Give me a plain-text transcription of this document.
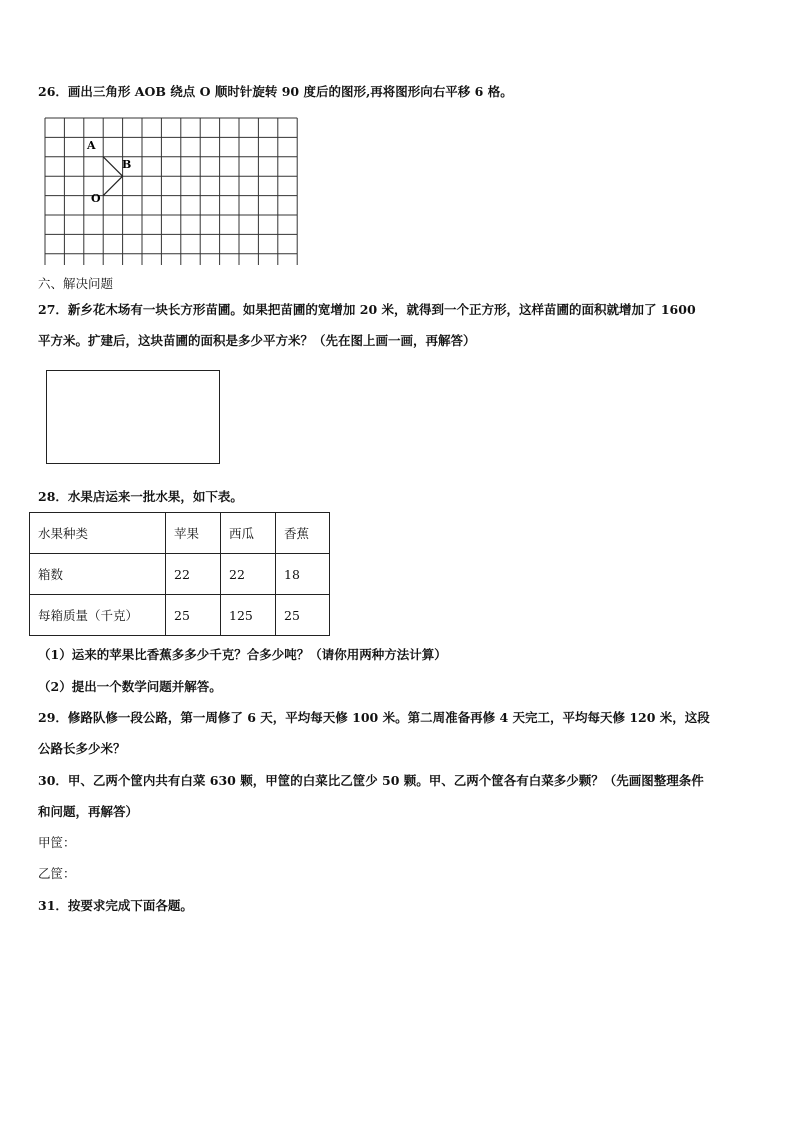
26．画出三角形 AOB 绕点 O 顺时针旋转 90 度后的图形,再将图形向右平移 6 格。

A
B
O

六、解决问题

27．新乡花木场有一块长方形苗圃。如果把苗圃的宽增加 20 米，就得到一个正方形，这样苗圃的面积就增加了 1600

平方米。扩建后，这块苗圃的面积是多少平方米？（先在图上画一画，再解答）

28．水果店运来一批水果，如下表。

水果种类	苹果	西瓜	香蕉
箱数	22	22	18
每箱质量（千克）	25	125	25

（1）运来的苹果比香蕉多多少千克？合多少吨？（请你用两种方法计算）

（2）提出一个数学问题并解答。

29．修路队修一段公路，第一周修了 6 天，平均每天修 100 米。第二周准备再修 4 天完工，平均每天修 120 米，这段

公路长多少米？

30．甲、乙两个筐内共有白菜 630 颗，甲筐的白菜比乙筐少 50 颗。甲、乙两个筐各有白菜多少颗？（先画图整理条件

和问题，再解答）

甲筐：

乙筐：

31．按要求完成下面各题。
